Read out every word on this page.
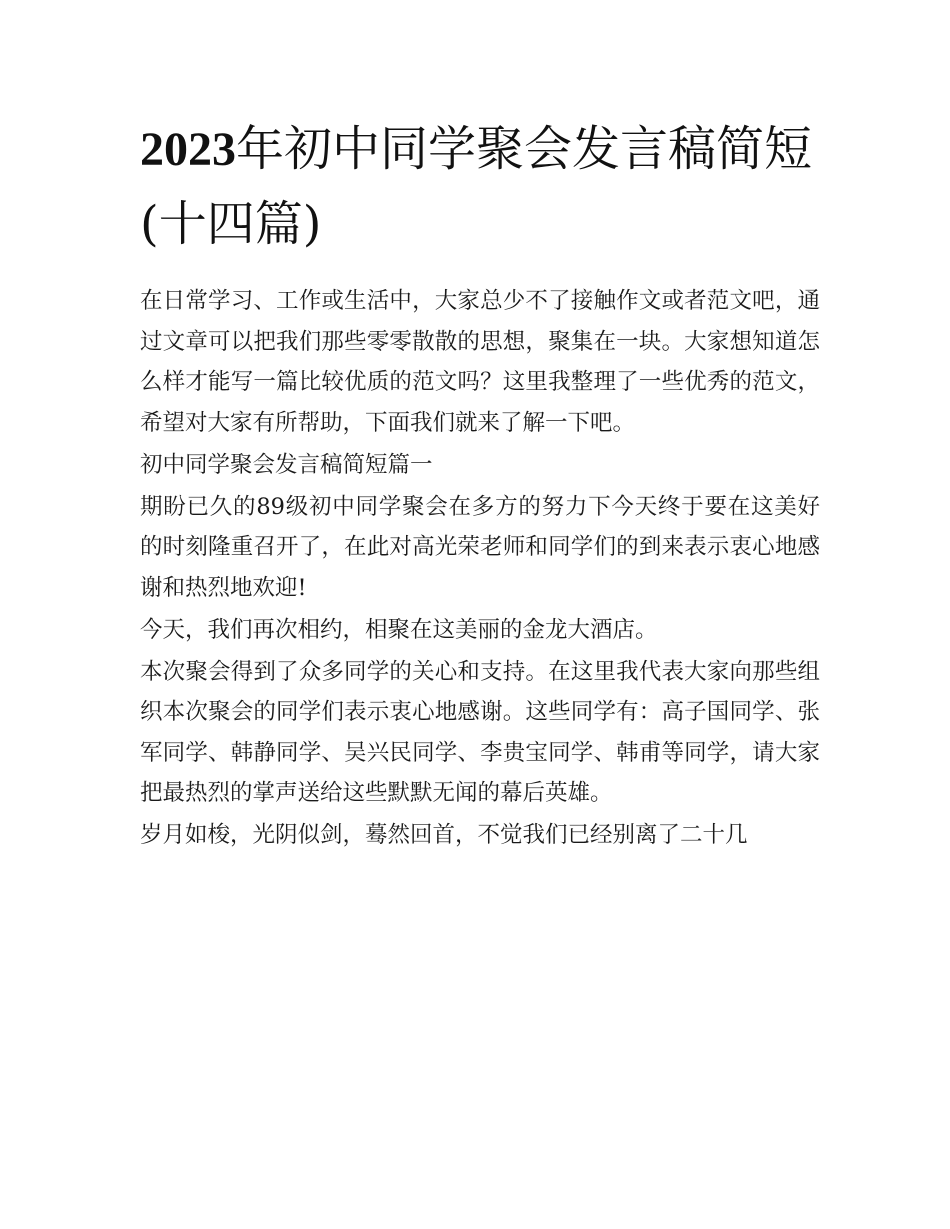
2023年初中同学聚会发言稿简短(十四篇)

在日常学习、工作或生活中，大家总少不了接触作文或者范文吧，通过文章可以把我们那些零零散散的思想，聚集在一块。大家想知道怎么样才能写一篇比较优质的范文吗？这里我整理了一些优秀的范文，希望对大家有所帮助，下面我们就来了解一下吧。

初中同学聚会发言稿简短篇一

期盼已久的89级初中同学聚会在多方的努力下今天终于要在这美好的时刻隆重召开了，在此对高光荣老师和同学们的到来表示衷心地感谢和热烈地欢迎!

今天，我们再次相约，相聚在这美丽的金龙大酒店。

本次聚会得到了众多同学的关心和支持。在这里我代表大家向那些组织本次聚会的同学们表示衷心地感谢。这些同学有：高子国同学、张军同学、韩静同学、吴兴民同学、李贵宝同学、韩甫等同学，请大家把最热烈的掌声送给这些默默无闻的幕后英雄。

岁月如梭，光阴似剑，蓦然回首，不觉我们已经别离了二十几
